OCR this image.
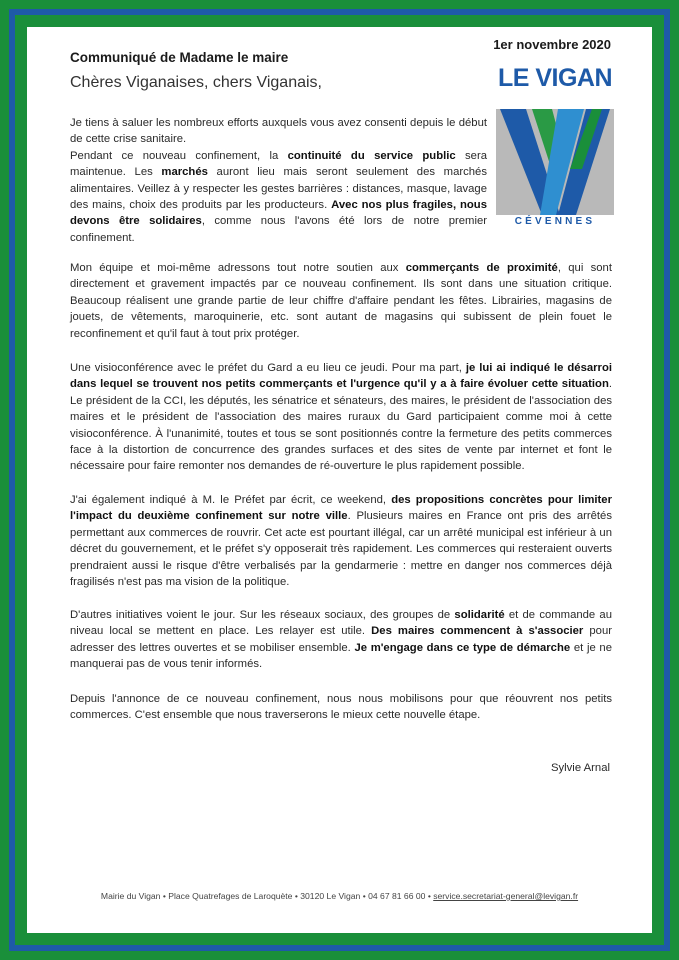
Communiqué de Madame le maire
1er novembre 2020
Chères Viganaises, chers Viganais,	LE VIGAN
CÉVENNES
Je tiens à saluer les nombreux efforts auxquels vous avez consenti depuis le début de cette crise sanitaire.
Pendant ce nouveau confinement, la continuité du service public sera maintenue. Les marchés auront lieu mais seront seulement des marchés alimentaires. Veillez à y respecter les gestes barrières : distances, masque, lavage des mains, choix des produits par les producteurs. Avec nos plus fragiles, nous devons être solidaires, comme nous l'avons été lors de notre premier confinement.
Mon équipe et moi-même adressons tout notre soutien aux commerçants de proximité, qui sont directement et gravement impactés par ce nouveau confinement. Ils sont dans une situation critique. Beaucoup réalisent une grande partie de leur chiffre d'affaire pendant les fêtes. Librairies, magasins de jouets, de vêtements, maroquinerie, etc. sont autant de magasins qui subissent de plein fouet le reconfinement et qu'il faut à tout prix protéger.
Une visioconférence avec le préfet du Gard a eu lieu ce jeudi. Pour ma part, je lui ai indiqué le désarroi dans lequel se trouvent nos petits commerçants et l'urgence qu'il y a à faire évoluer cette situation. Le président de la CCI, les députés, les sénatrice et sénateurs, des maires, le président de l'association des maires et le président de l'association des maires ruraux du Gard participaient comme moi à cette visioconférence. À l'unanimité, toutes et tous se sont positionnés contre la fermeture des petits commerces face à la distortion de concurrence des grandes surfaces et des sites de vente par internet et font le nécessaire pour faire remonter nos demandes de ré-ouverture le plus rapidement possible.
J'ai également indiqué à M. le Préfet par écrit, ce weekend, des propositions concrètes pour limiter l'impact du deuxième confinement sur notre ville. Plusieurs maires en France ont pris des arrêtés permettant aux commerces de rouvrir. Cet acte est pourtant illégal, car un arrêté municipal est inférieur à un décret du gouvernement, et le préfet s'y opposerait très rapidement. Les commerces qui resteraient ouverts prendraient aussi le risque d'être verbalisés par la gendarmerie : mettre en danger nos commerces déjà fragilisés n'est pas ma vision de la politique.
D'autres initiatives voient le jour. Sur les réseaux sociaux, des groupes de solidarité et de commande au niveau local se mettent en place. Les relayer est utile. Des maires commencent à s'associer pour adresser des lettres ouvertes et se mobiliser ensemble. Je m'engage dans ce type de démarche et je ne manquerai pas de vous tenir informés.
Depuis l'annonce de ce nouveau confinement, nous nous mobilisons pour que réouvrent nos petits commerces. C'est ensemble que nous traverserons le mieux cette nouvelle étape.
Sylvie Arnal
Mairie du Vigan • Place Quatrefages de Laroquète • 30120 Le Vigan • 04 67 81 66 00 • service.secretariat-general@levigan.fr
